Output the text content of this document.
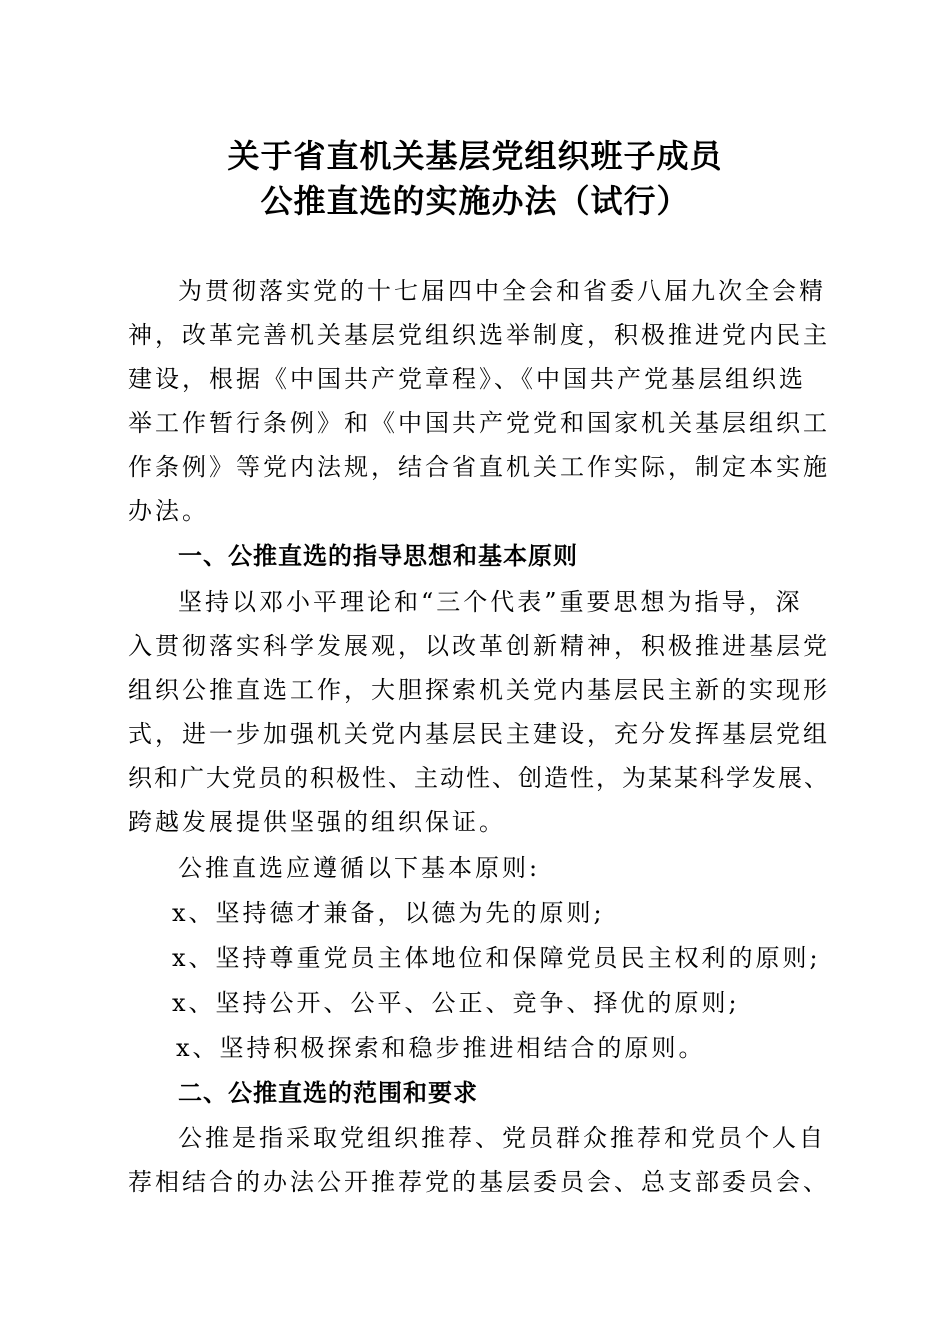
关于省直机关基层党组织班子成员
公推直选的实施办法（试行）
为贯彻落实党的十七届四中全会和省委八届九次全会精
神，改革完善机关基层党组织选举制度，积极推进党内民主
建设，根据《中国共产党章程》、《中国共产党基层组织选
举工作暂行条例》和《中国共产党党和国家机关基层组织工
作条例》等党内法规，结合省直机关工作实际，制定本实施
办法。
一、公推直选的指导思想和基本原则
坚持以邓小平理论和“三个代表”重要思想为指导，深
入贯彻落实科学发展观，以改革创新精神，积极推进基层党
组织公推直选工作，大胆探索机关党内基层民主新的实现形
式，进一步加强机关党内基层民主建设，充分发挥基层党组
织和广大党员的积极性、主动性、创造性，为某某科学发展、
跨越发展提供坚强的组织保证。
公推直选应遵循以下基本原则:
x、坚持德才兼备，以德为先的原则;
x、坚持尊重党员主体地位和保障党员民主权利的原则;
x、坚持公开、公平、公正、竞争、择优的原则;
x、坚持积极探索和稳步推进相结合的原则。
二、公推直选的范围和要求
公推是指采取党组织推荐、党员群众推荐和党员个人自
荐相结合的办法公开推荐党的基层委员会、总支部委员会、
